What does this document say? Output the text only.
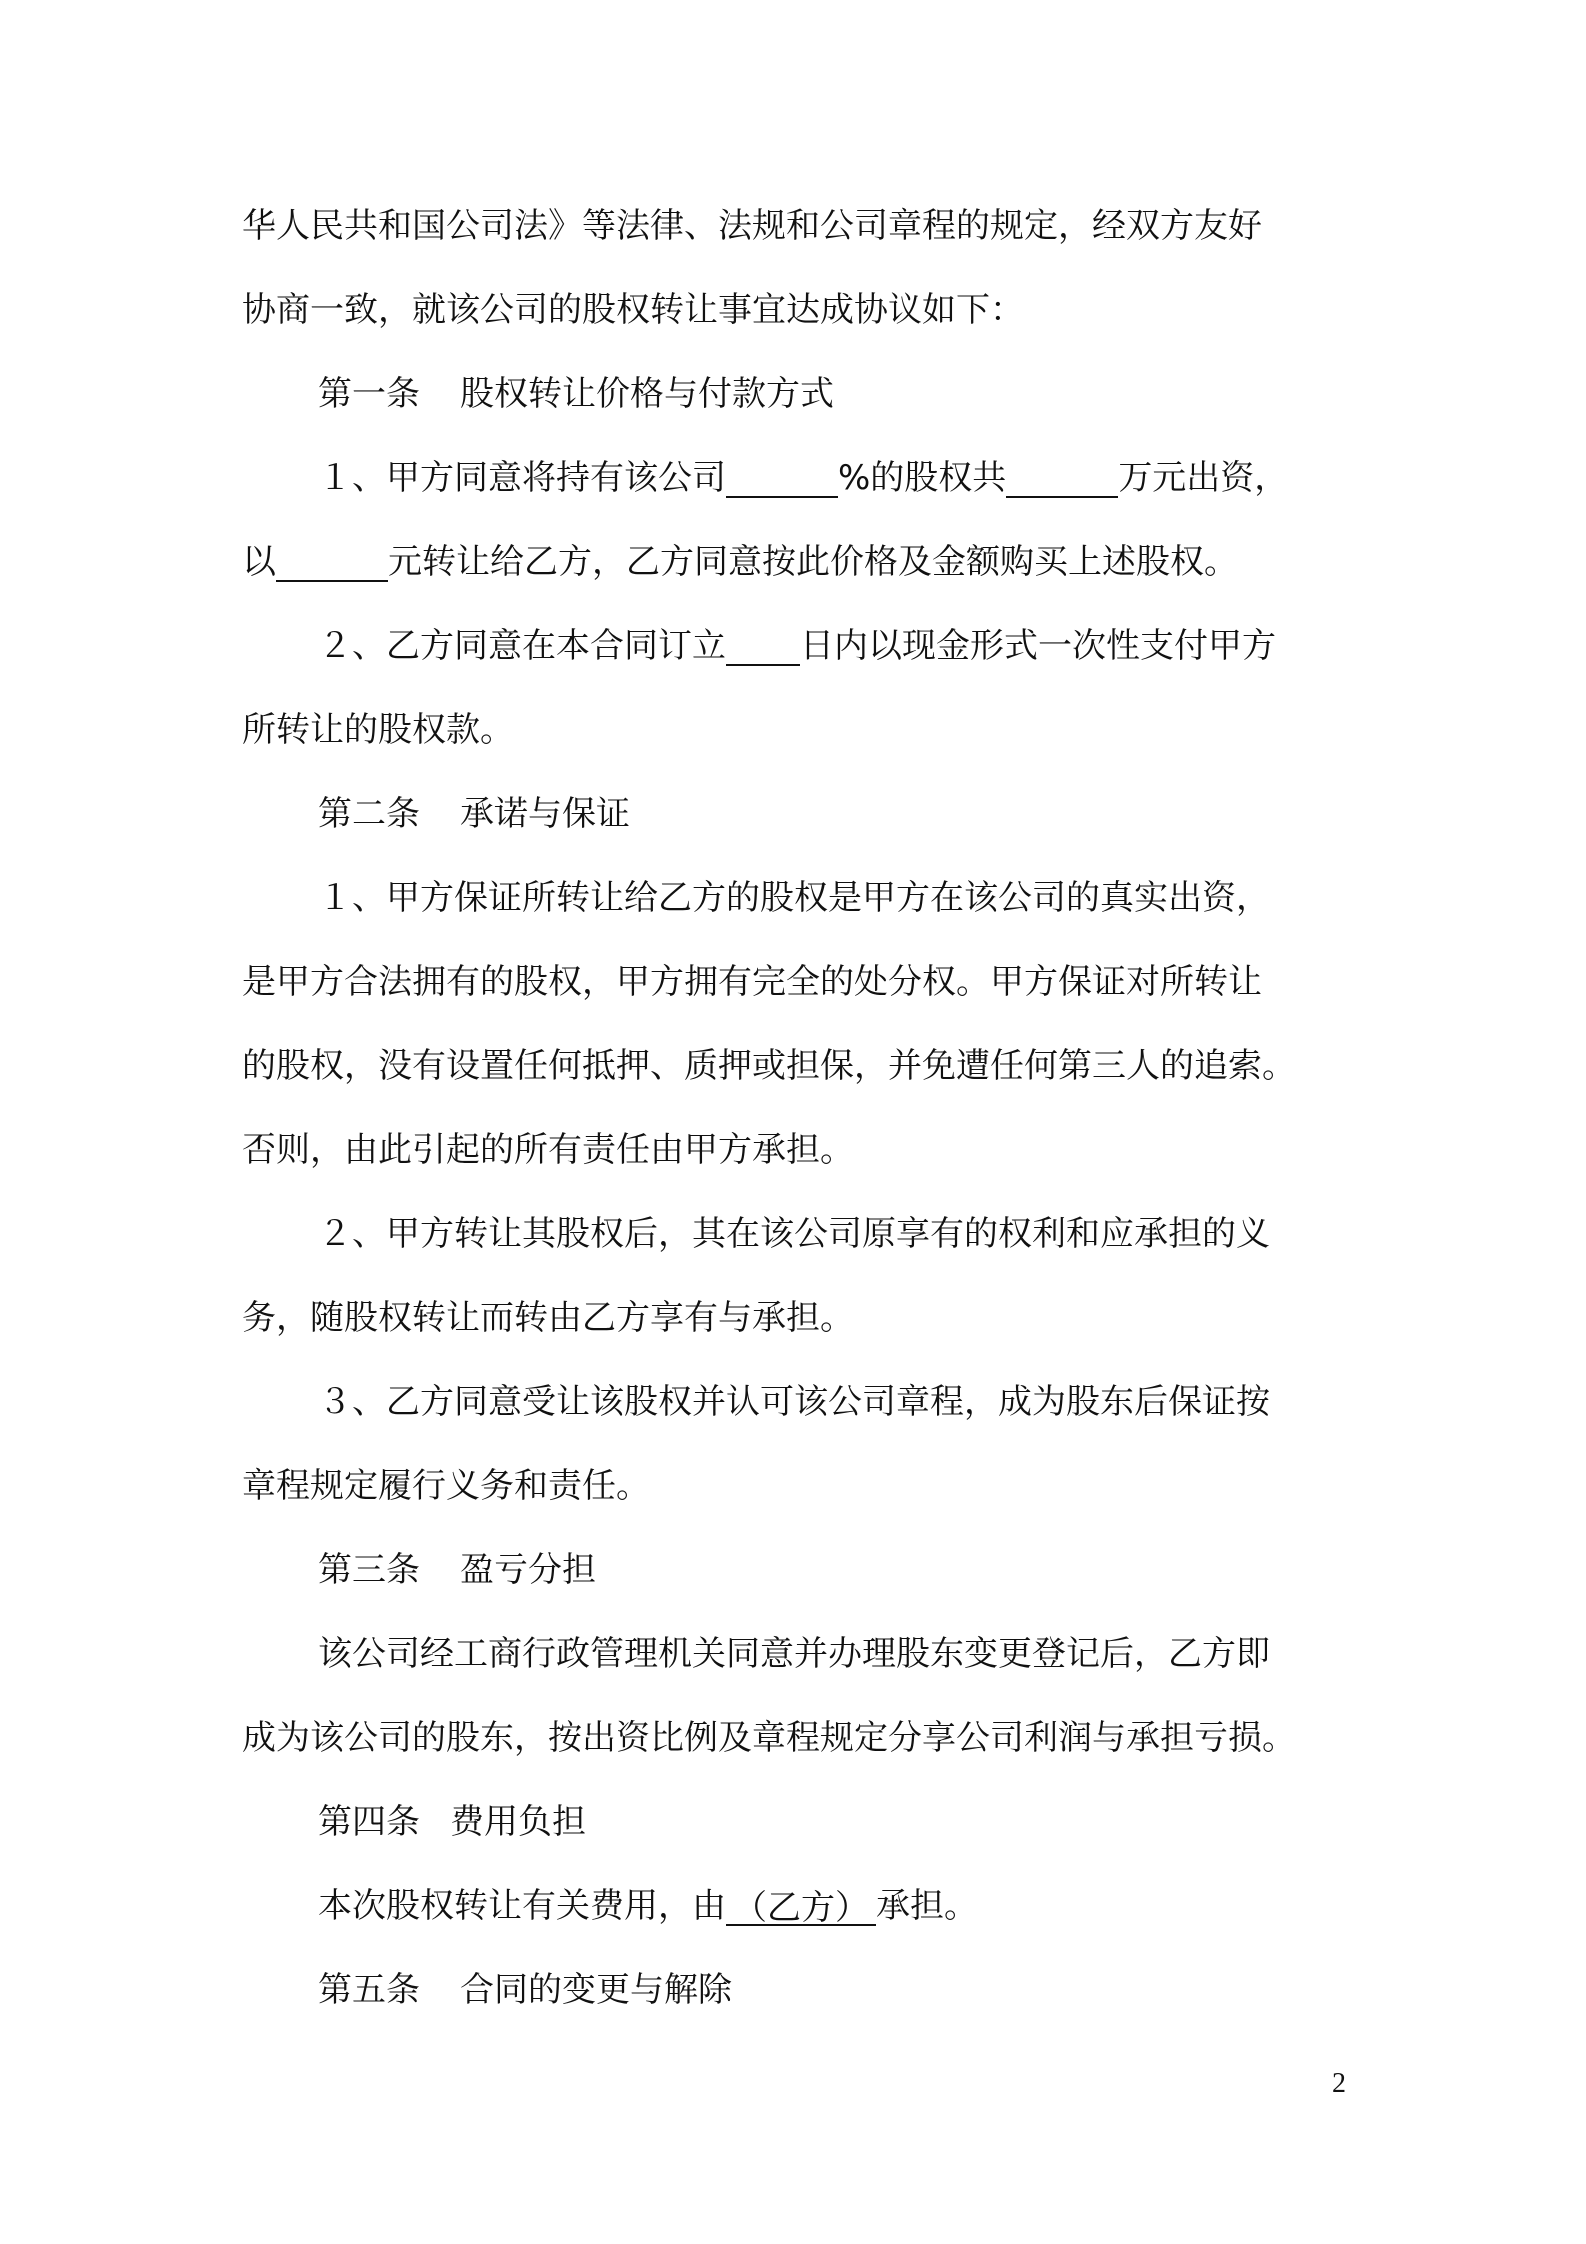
华人民共和国公司法》等法律、法规和公司章程的规定，经双方友好
协商一致，就该公司的股权转让事宜达成协议如下：
第一条 股权转让价格与付款方式
１、甲方同意将持有该公司	%的股权共	万元出资，
以	元转让给乙方，乙方同意按此价格及金额购买上述股权。
２、乙方同意在本合同订立 日内以现金形式一次性支付甲方
所转让的股权款。
第二条 承诺与保证
１、甲方保证所转让给乙方的股权是甲方在该公司的真实出资，
是甲方合法拥有的股权，甲方拥有完全的处分权。甲方保证对所转让
的股权，没有设置任何抵押、质押或担保，并免遭任何第三人的追索。
否则，由此引起的所有责任由甲方承担。
２、甲方转让其股权后，其在该公司原享有的权利和应承担的义
务，随股权转让而转由乙方享有与承担。
３、乙方同意受让该股权并认可该公司章程，成为股东后保证按
章程规定履行义务和责任。
第三条 盈亏分担
该公司经工商行政管理机关同意并办理股东变更登记后，乙方即
成为该公司的股东，按出资比例及章程规定分享公司利润与承担亏损。
第四条 费用负担
本次股权转让有关费用，由 （乙方） 承担。
第五条 合同的变更与解除
2
